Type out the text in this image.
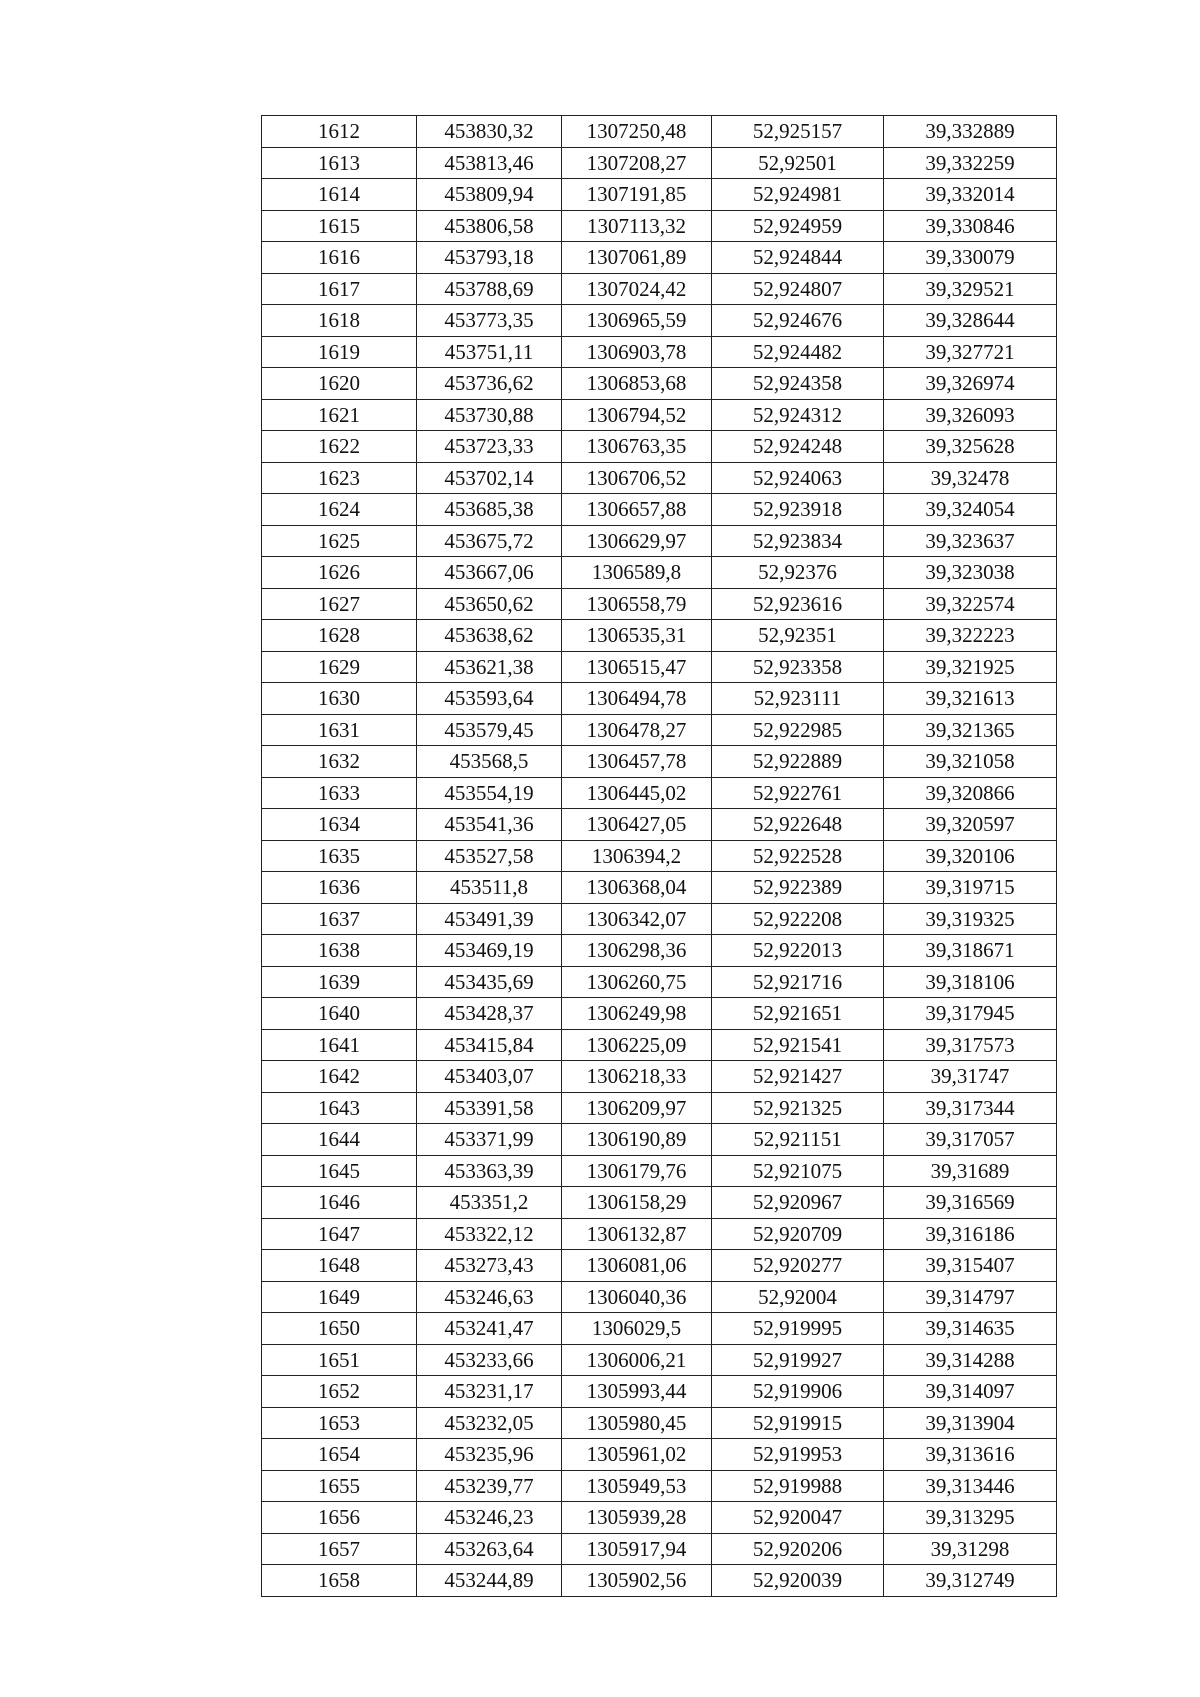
1612	453830,32	1307250,48	52,925157	39,332889
1613	453813,46	1307208,27	52,92501	39,332259
1614	453809,94	1307191,85	52,924981	39,332014
1615	453806,58	1307113,32	52,924959	39,330846
1616	453793,18	1307061,89	52,924844	39,330079
1617	453788,69	1307024,42	52,924807	39,329521
1618	453773,35	1306965,59	52,924676	39,328644
1619	453751,11	1306903,78	52,924482	39,327721
1620	453736,62	1306853,68	52,924358	39,326974
1621	453730,88	1306794,52	52,924312	39,326093
1622	453723,33	1306763,35	52,924248	39,325628
1623	453702,14	1306706,52	52,924063	39,32478
1624	453685,38	1306657,88	52,923918	39,324054
1625	453675,72	1306629,97	52,923834	39,323637
1626	453667,06	1306589,8	52,92376	39,323038
1627	453650,62	1306558,79	52,923616	39,322574
1628	453638,62	1306535,31	52,92351	39,322223
1629	453621,38	1306515,47	52,923358	39,321925
1630	453593,64	1306494,78	52,923111	39,321613
1631	453579,45	1306478,27	52,922985	39,321365
1632	453568,5	1306457,78	52,922889	39,321058
1633	453554,19	1306445,02	52,922761	39,320866
1634	453541,36	1306427,05	52,922648	39,320597
1635	453527,58	1306394,2	52,922528	39,320106
1636	453511,8	1306368,04	52,922389	39,319715
1637	453491,39	1306342,07	52,922208	39,319325
1638	453469,19	1306298,36	52,922013	39,318671
1639	453435,69	1306260,75	52,921716	39,318106
1640	453428,37	1306249,98	52,921651	39,317945
1641	453415,84	1306225,09	52,921541	39,317573
1642	453403,07	1306218,33	52,921427	39,31747
1643	453391,58	1306209,97	52,921325	39,317344
1644	453371,99	1306190,89	52,921151	39,317057
1645	453363,39	1306179,76	52,921075	39,31689
1646	453351,2	1306158,29	52,920967	39,316569
1647	453322,12	1306132,87	52,920709	39,316186
1648	453273,43	1306081,06	52,920277	39,315407
1649	453246,63	1306040,36	52,92004	39,314797
1650	453241,47	1306029,5	52,919995	39,314635
1651	453233,66	1306006,21	52,919927	39,314288
1652	453231,17	1305993,44	52,919906	39,314097
1653	453232,05	1305980,45	52,919915	39,313904
1654	453235,96	1305961,02	52,919953	39,313616
1655	453239,77	1305949,53	52,919988	39,313446
1656	453246,23	1305939,28	52,920047	39,313295
1657	453263,64	1305917,94	52,920206	39,31298
1658	453244,89	1305902,56	52,920039	39,312749
